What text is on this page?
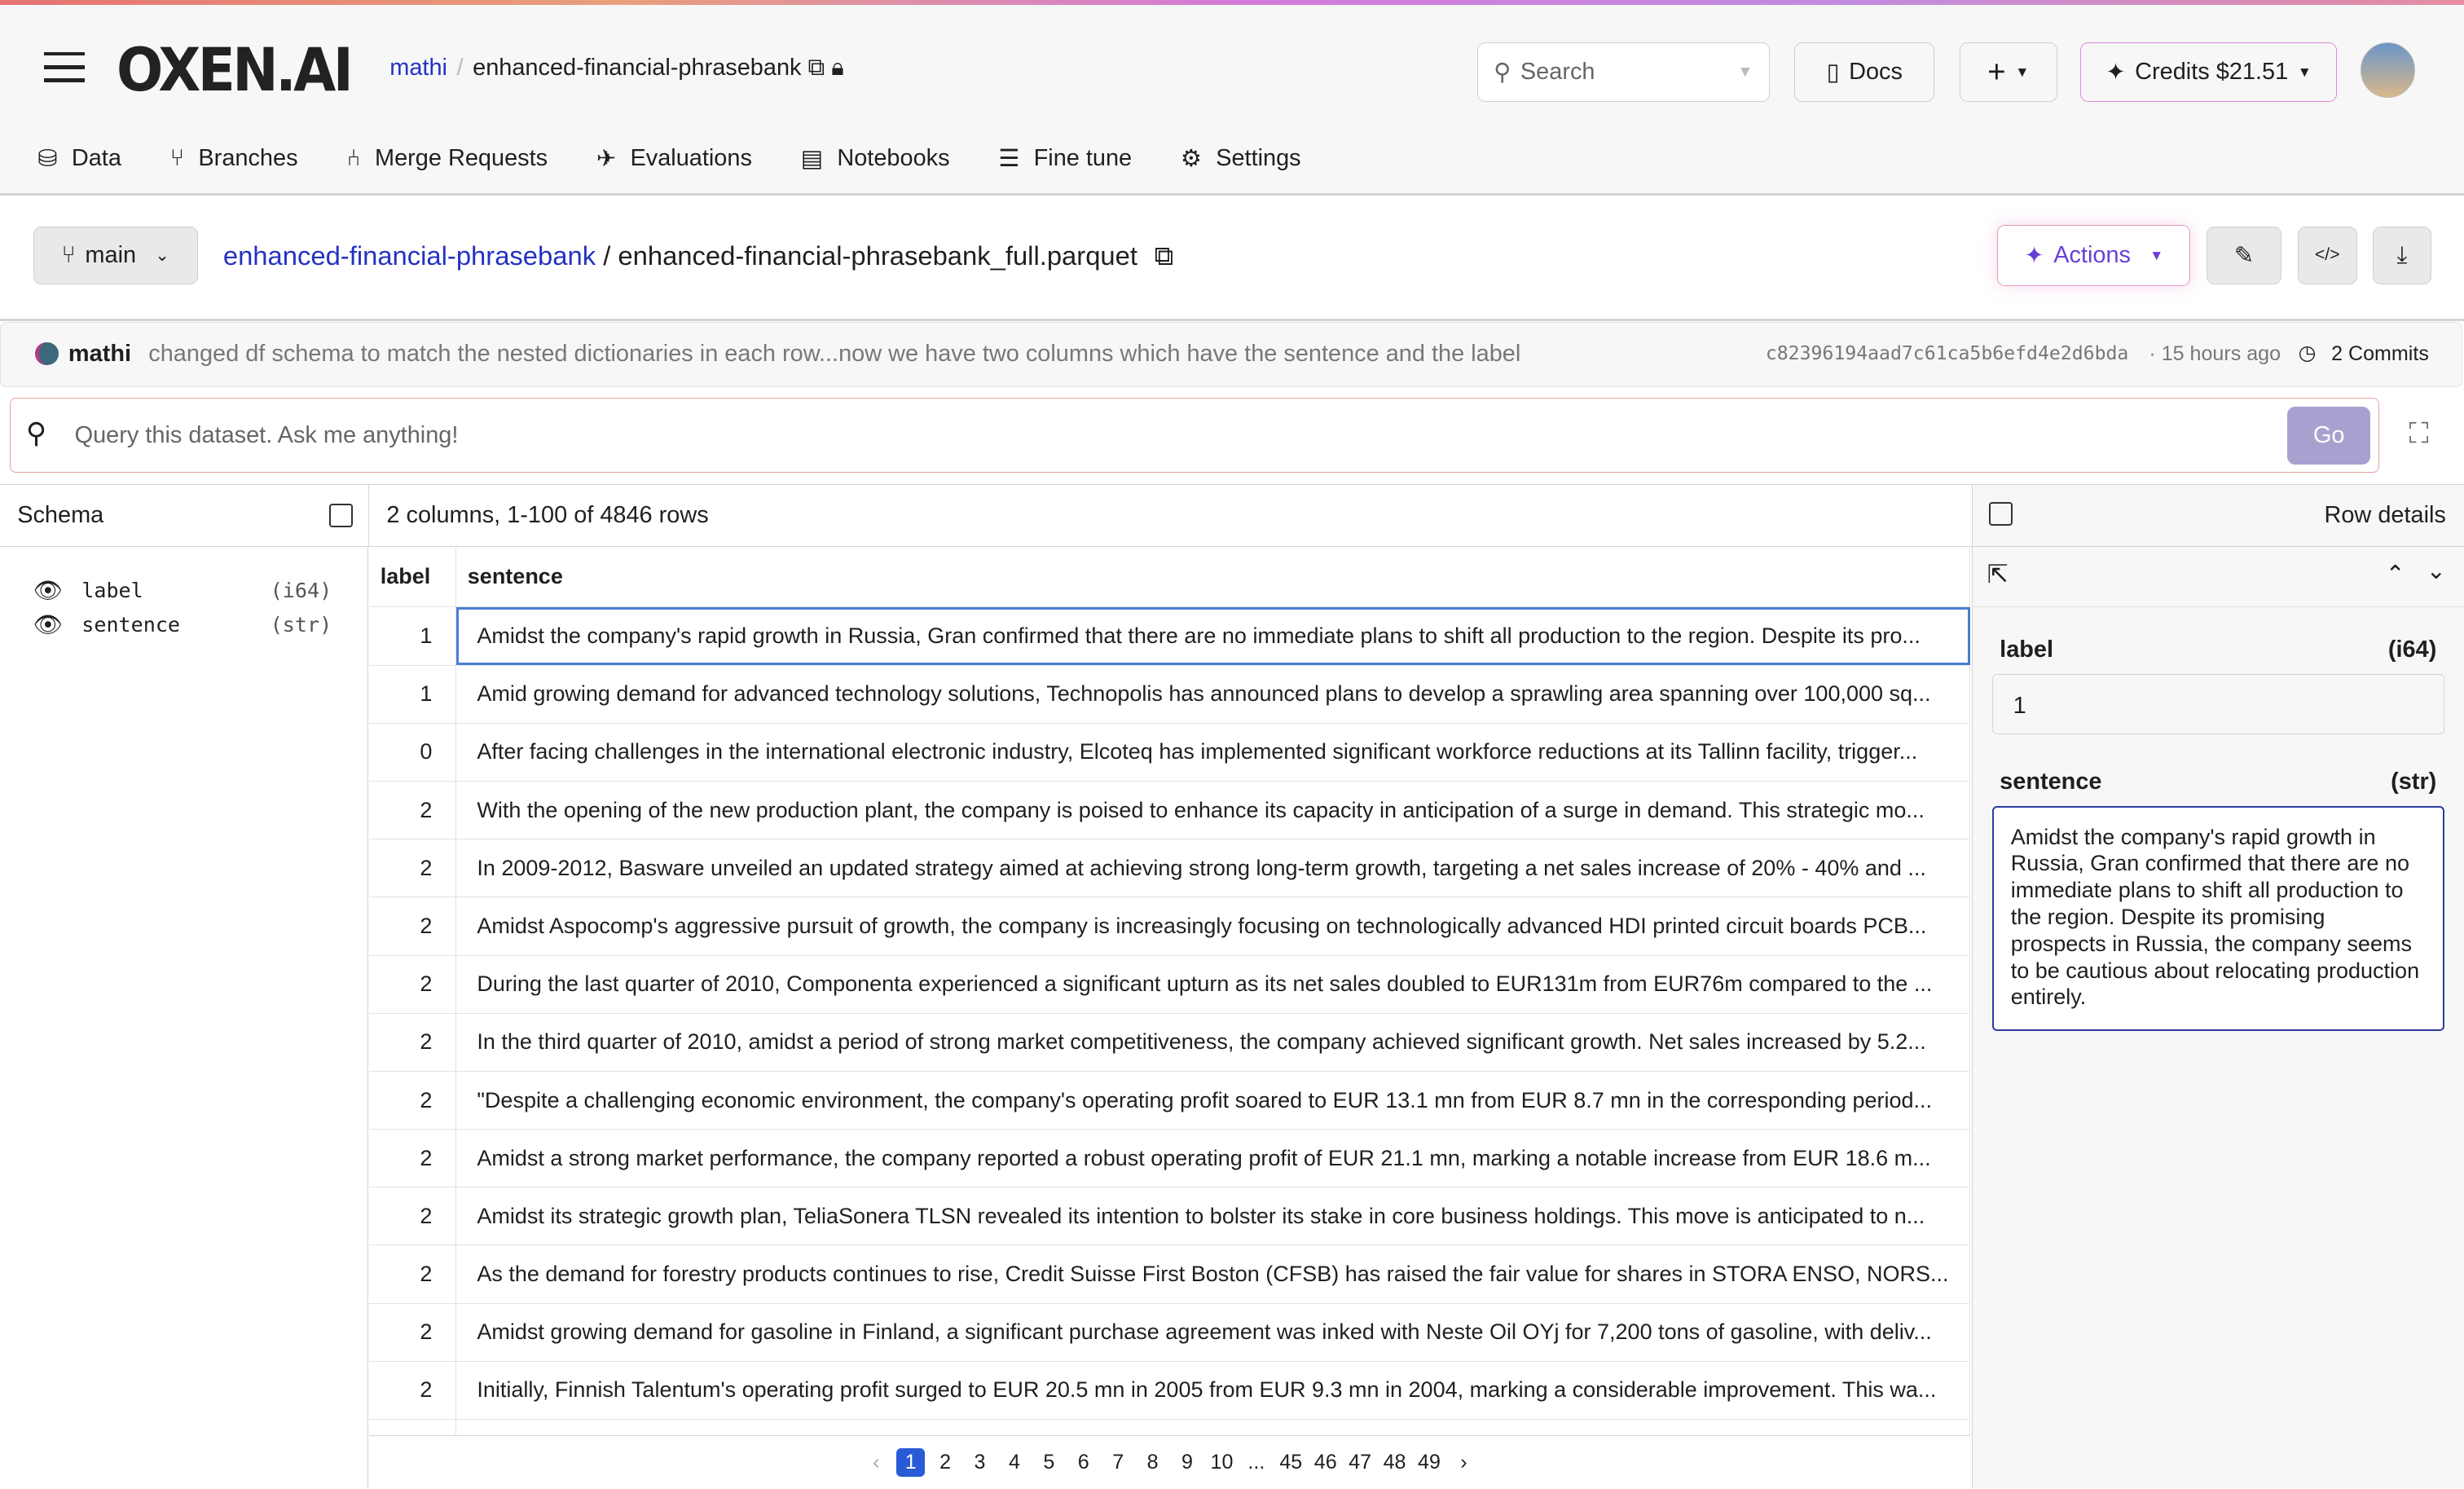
OXEN.AI	mathi / enhanced-financial-phrasebank ⧉ 🔒︎	⚲ Search	▼	▯ Docs	+ ▼	✦ Credits $21.51 ▼
⛁ Data	⑂ Branches	⑃ Merge Requests	✈ Evaluations	▤ Notebooks	☰ Fine tune	⚙ Settings
⑂ main ⌄	enhanced-financial-phrasebank / enhanced-financial-phrasebank_full.parquet ⧉	✦ Actions	▼	✎	</>	⤓
mathi changed df schema to match the nested dictionaries in each row...now we have two columns which have the sentence and the label	c82396194aad7c61ca5b6efd4e2d6bda · 15 hours ago ◷ 2 Commits
⚲ Query this dataset. Ask me anything!	Go	⛶
Schema
👁︎ label	(i64)
👁︎ sentence	(str)
2 columns, 1-100 of 4846 rows
label	sentence
1	Amidst the company's rapid growth in Russia, Gran confirmed that there are no immediate plans to shift all production to the region. Despite its pro...
1	Amid growing demand for advanced technology solutions, Technopolis has announced plans to develop a sprawling area spanning over 100,000 sq...
0	After facing challenges in the international electronic industry, Elcoteq has implemented significant workforce reductions at its Tallinn facility, trigger...
2	With the opening of the new production plant, the company is poised to enhance its capacity in anticipation of a surge in demand. This strategic mo...
2	In 2009-2012, Basware unveiled an updated strategy aimed at achieving strong long-term growth, targeting a net sales increase of 20% - 40% and ...
2	Amidst Aspocomp's aggressive pursuit of growth, the company is increasingly focusing on technologically advanced HDI printed circuit boards PCB...
2	During the last quarter of 2010, Componenta experienced a significant upturn as its net sales doubled to EUR131m from EUR76m compared to the ...
2	In the third quarter of 2010, amidst a period of strong market competitiveness, the company achieved significant growth. Net sales increased by 5.2...
2	"Despite a challenging economic environment, the company's operating profit soared to EUR 13.1 mn from EUR 8.7 mn in the corresponding period...
2	Amidst a strong market performance, the company reported a robust operating profit of EUR 21.1 mn, marking a notable increase from EUR 18.6 m...
2	Amidst its strategic growth plan, TeliaSonera TLSN revealed its intention to bolster its stake in core business holdings. This move is anticipated to n...
2	As the demand for forestry products continues to rise, Credit Suisse First Boston (CFSB) has raised the fair value for shares in STORA ENSO, NORS...
2	Amidst growing demand for gasoline in Finland, a significant purchase agreement was inked with Neste Oil OYj for 7,200 tons of gasoline, with deliv...
2	Initially, Finnish Talentum's operating profit surged to EUR 20.5 mn in 2005 from EUR 9.3 mn in 2004, marking a considerable improvement. This wa...

‹	1	2	3	4	5	6	7	8	9	10	...	45	46	47	48	49	›
Row details
⇱	⌃ ⌄
label	(i64)
1
sentence	(str)
Amidst the company's rapid growth in Russia, Gran confirmed that there are no immediate plans to shift all production to the region. Despite its promising prospects in Russia, the company seems to be cautious about relocating production entirely.
